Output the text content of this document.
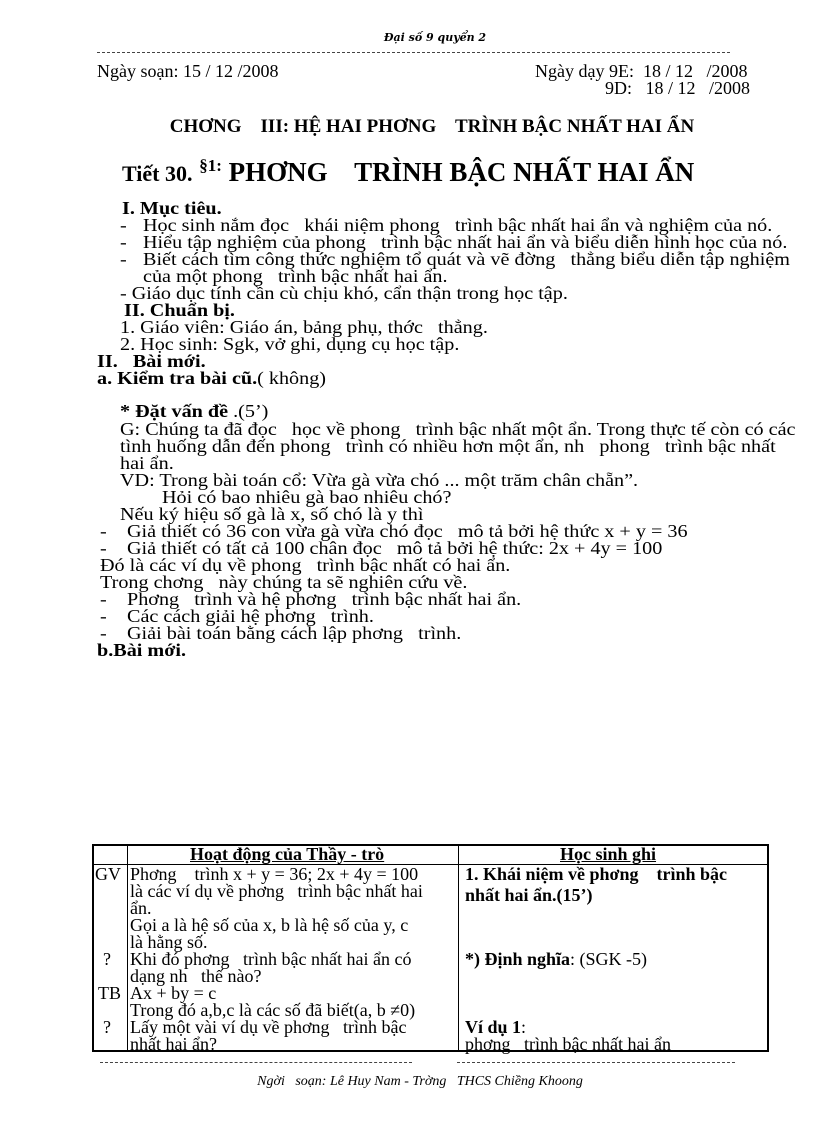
Đại số 9 quyển 2
Ngày soạn: 15 / 12 /2008	Ngày dạy 9E:  18 / 12   /2008
9D:   18 / 12   /2008
CHƠNG    III: HỆ HAI PHƠNG    TRÌNH BẬC NHẤT HAI ẨN
Tiết 30. $^{\S 1:}$ PHƠNG    TRÌNH BẬC NHẤT HAI ẨN
I. Mục tiêu.
- Học sinh nắm đọc   khái niệm phong   trình bậc nhất hai ẩn và nghiệm của nó.
- Hiểu tập nghiệm của phong   trình bậc nhất hai ẩn và biểu diễn hình học của nó.
- Biết cách tìm công thức nghiệm tổ quát và vẽ đờng   thẳng biểu diễn tập nghiệm
của một phong   trình bậc nhất hai ẩn.
- Giáo dục tính cần cù chịu khó, cẩn thận trong học tập.
II. Chuẩn bị.
1. Giáo viên: Giáo án, bảng phụ, thớc   thẳng.
2. Học sinh: Sgk, vở ghi, dụng cụ học tập.
II.   Bài mới.
a. Kiểm tra bài cũ.( không)
* Đặt vấn đề .(5’)
G: Chúng ta đã đọc   học về phong   trình bậc nhất một ẩn. Trong thực tế còn có các
tình huống dẫn đến phong   trình có nhiều hơn một ẩn, nh   phong   trình bậc nhất
hai ẩn.
VD: Trong bài toán cổ: Vừa gà vừa chó ... một trăm chân chẵn”.
Hỏi có bao nhiêu gà bao nhiêu chó?
Nếu ký hiệu số gà là x, số chó là y thì
- Giả thiết có 36 con vừa gà vừa chó đọc   mô tả bởi hệ thức x + y = 36
- Giả thiết có tất cả 100 chân đọc   mô tả bởi hệ thức: 2x + 4y = 100
Đó là các ví dụ về phong   trình bậc nhất có hai ẩn.
Trong chơng   này chúng ta sẽ nghiên cứu về.
- Phơng   trình và hệ phơng   trình bậc nhất hai ẩn.
- Các cách giải hệ phơng   trình.
- Giải bài toán bằng cách lập phơng   trình.
b.Bài mới.
Hoạt động của Thầy - trò	Học sinh ghi
GV
?
TB
?
Phơng    trình x + y = 36; 2x + 4y = 100
là các ví dụ về phơng   trình bậc nhất hai
ẩn.
Gọi a là hệ số của x, b là hệ số của y, c
là hằng số.
Khi đó phơng   trình bậc nhất hai ẩn có
dạng nh   thế nào?
Ax + by = c
Trong đó a,b,c là các số đã biết(a, b ≠0)
Lấy một vài ví dụ về phơng   trình bậc
nhất hai ẩn?
1. Khái niệm về phơng    trình bậc
nhất hai ẩn.(15’)
*) Định nghĩa: (SGK -5)
Ví dụ 1:
phơng   trình bậc nhất hai ẩn
Ngời   soạn: Lê Huy Nam - Trờng   THCS Chiềng Khoong
